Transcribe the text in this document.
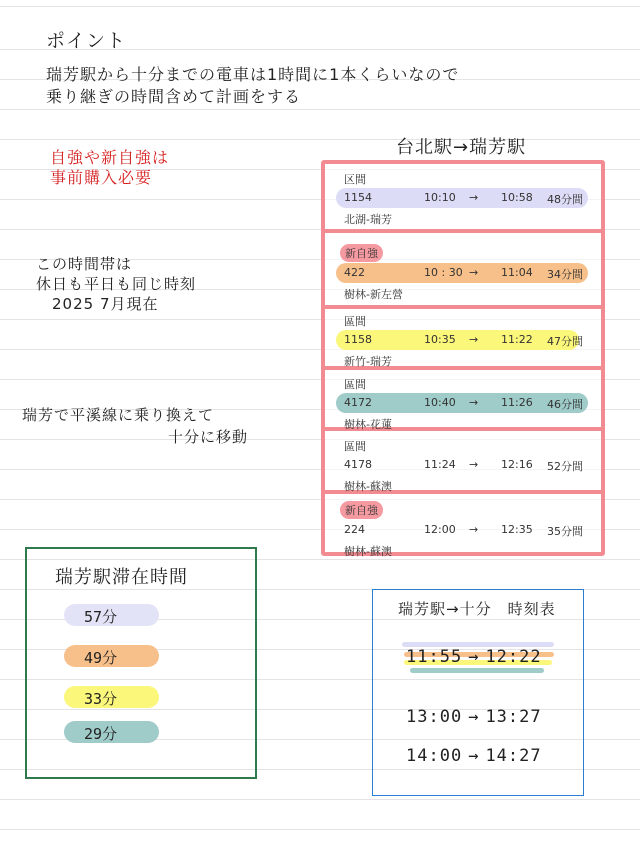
ポイント
瑞芳駅から十分までの電車は1時間に1本くらいなので
乗り継ぎの時間含めて計画をする
自強や新自強は
事前購入必要
この時間帯は
休日も平日も同じ時刻
2025 7月現在
瑞芳で平溪線に乗り換えて
十分に移動
台北駅→瑞芳駅
区間
1154	10:10 → 10:58 48分間
北湖-瑞芳
新自強
422	10 : 30 → 11:04 34分間
樹林-新左營
區間
1158	10:35 → 11:22 47分間
新竹-瑞芳
區間
4172	10:40 → 11:26 46分間
樹林-花蓮
區間
4178	11:24 → 12:16 52分間
樹林-蘇澳
新自強
224	12:00 → 12:35 35分間
樹林-蘇澳
瑞芳駅滞在時間
57分
49分
33分
29分
瑞芳駅→十分　時刻表
11:55 → 12:22
13:00 → 13:27
14:00 → 14:27
